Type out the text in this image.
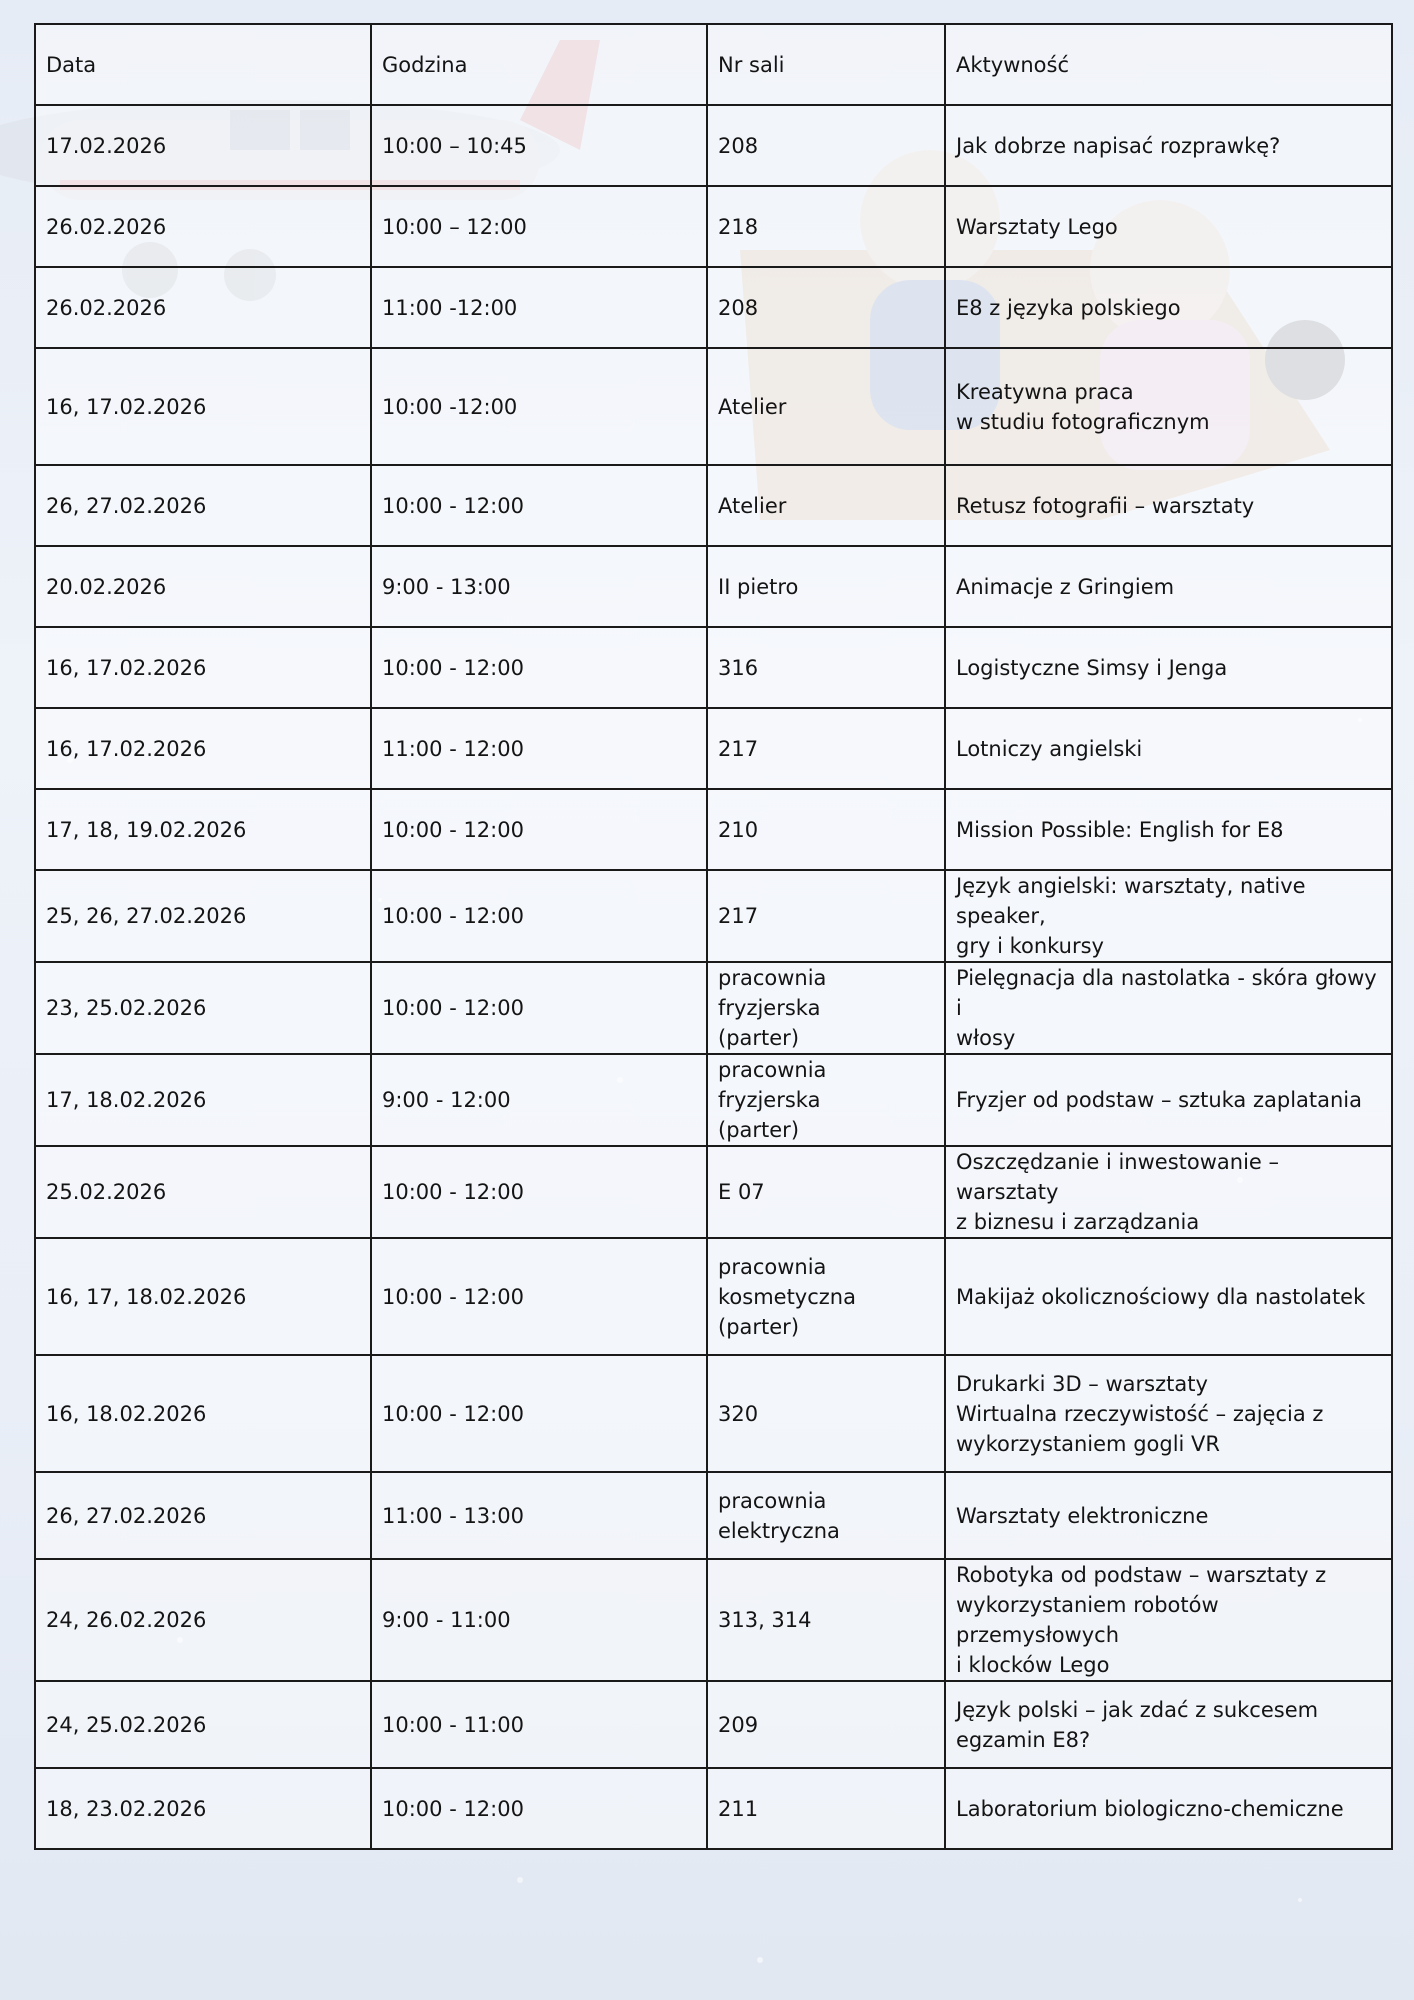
Data	Godzina	Nr sali	Aktywność
17.02.2026	10:00 – 10:45	208	Jak dobrze napisać rozprawkę?
26.02.2026	10:00 – 12:00	218	Warsztaty Lego
26.02.2026	11:00 -12:00	208	E8 z języka polskiego
16, 17.02.2026	10:00 -12:00	Atelier	Kreatywna praca
w studiu fotograficznym
26, 27.02.2026	10:00 - 12:00	Atelier	Retusz fotografii – warsztaty
20.02.2026	9:00 - 13:00	II pietro	Animacje z Gringiem
16, 17.02.2026	10:00 - 12:00	316	Logistyczne Simsy i Jenga
16, 17.02.2026	11:00 - 12:00	217	Lotniczy angielski
17, 18, 19.02.2026	10:00 - 12:00	210	Mission Possible: English for E8
25, 26, 27.02.2026	10:00 - 12:00	217	Język angielski: warsztaty, native speaker,
gry i konkursy
23, 25.02.2026	10:00 - 12:00	pracownia fryzjerska
(parter)	Pielęgnacja dla nastolatka - skóra głowy i
włosy
17, 18.02.2026	9:00 - 12:00	pracownia fryzjerska
(parter)	Fryzjer od podstaw – sztuka zaplatania
25.02.2026	10:00 - 12:00	E 07	Oszczędzanie i inwestowanie – warsztaty
z biznesu i zarządzania
16, 17, 18.02.2026	10:00 - 12:00	pracownia
kosmetyczna (parter)	Makijaż okolicznościowy dla nastolatek
16, 18.02.2026	10:00 - 12:00	320	Drukarki 3D – warsztaty
Wirtualna rzeczywistość – zajęcia z
wykorzystaniem gogli VR
26, 27.02.2026	11:00 - 13:00	pracownia
elektryczna	Warsztaty elektroniczne
24, 26.02.2026	9:00 - 11:00	313, 314	Robotyka od podstaw – warsztaty z
wykorzystaniem robotów przemysłowych
i klocków Lego
24, 25.02.2026	10:00 - 11:00	209	Język polski – jak zdać z sukcesem
egzamin E8?
18, 23.02.2026	10:00 - 12:00	211	Laboratorium biologiczno-chemiczne
